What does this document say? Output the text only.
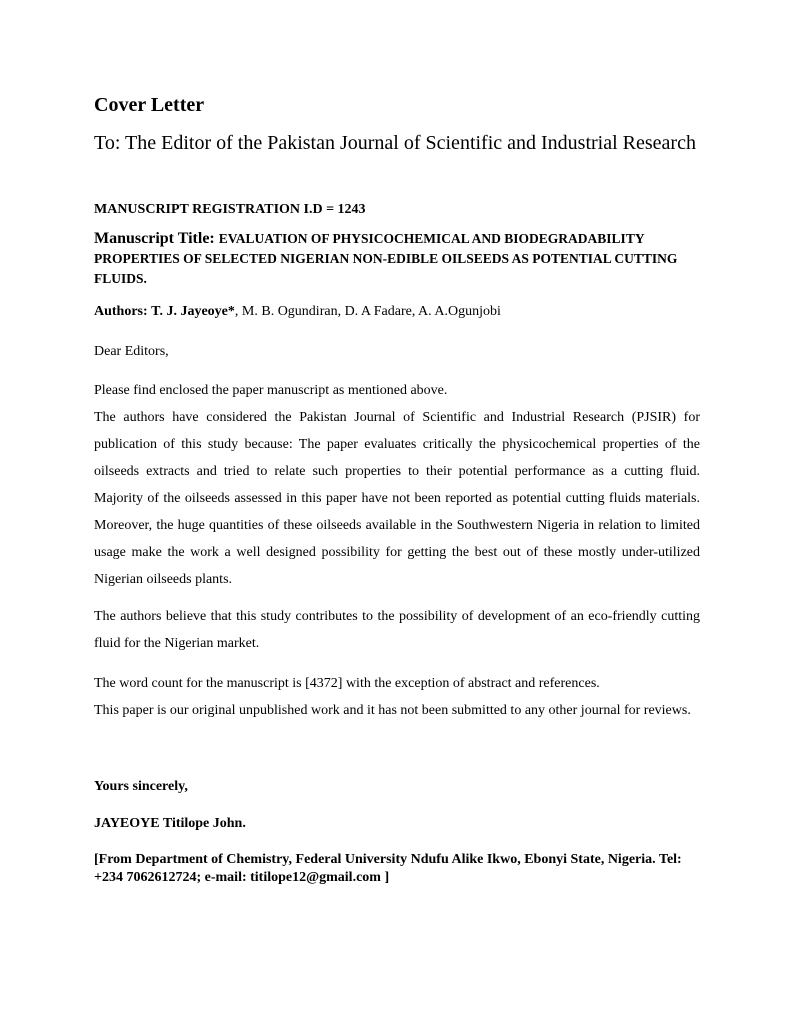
Cover Letter
To: The Editor of the Pakistan Journal of Scientific and Industrial Research
MANUSCRIPT REGISTRATION I.D = 1243
Manuscript Title: EVALUATION OF PHYSICOCHEMICAL AND BIODEGRADABILITY PROPERTIES OF SELECTED NIGERIAN NON-EDIBLE OILSEEDS AS POTENTIAL CUTTING FLUIDS.
Authors: T. J. Jayeoye*, M. B. Ogundiran, D. A Fadare, A. A.Ogunjobi
Dear Editors,

Please find enclosed the paper manuscript as mentioned above.

The authors have considered the Pakistan Journal of Scientific and Industrial Research (PJSIR) for publication of this study because: The paper evaluates critically the physicochemical properties of the oilseeds extracts and tried to relate such properties to their potential performance as a cutting fluid. Majority of the oilseeds assessed in this paper have not been reported as potential cutting fluids materials. Moreover, the huge quantities of these oilseeds available in the Southwestern Nigeria in relation to limited usage make the work a well designed possibility for getting the best out of these mostly under-utilized Nigerian oilseeds plants.

The authors believe that this study contributes to the possibility of development of an eco-friendly cutting fluid for the Nigerian market.

The word count for the manuscript is [4372] with the exception of abstract and references.

This paper is our original unpublished work and it has not been submitted to any other journal for reviews.

Yours sincerely,
JAYEOYE Titilope John.
[From Department of Chemistry, Federal University Ndufu Alike Ikwo, Ebonyi State, Nigeria. Tel: +234 7062612724; e-mail: titilope12@gmail.com ]
